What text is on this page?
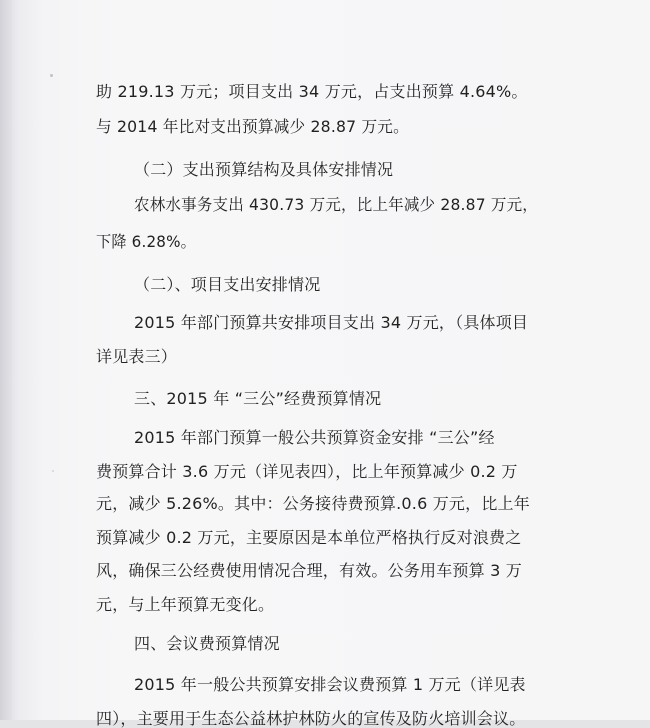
助 219.13 万元；项目支出 34 万元，占支出预算 4.64%。
与 2014 年比对支出预算减少 28.87 万元。
（二）支出预算结构及具体安排情况
农林水事务支出 430.73 万元，比上年减少 28.87 万元，
下降 6.28%。
（二）、项目支出安排情况
2015 年部门预算共安排项目支出 34 万元，（具体项目
详见表三）
三、2015 年 “三公”经费预算情况
2015 年部门预算一般公共预算资金安排 “三公”经
费预算合计 3.6 万元（详见表四），比上年预算减少 0.2 万
元，减少 5.26%。其中：公务接待费预算.0.6 万元，比上年
预算减少 0.2 万元，主要原因是本单位严格执行反对浪费之
风，确保三公经费使用情况合理，有效。公务用车预算 3 万
元，与上年预算无变化。
四、会议费预算情况
2015 年一般公共预算安排会议费预算 1 万元（详见表
四），主要用于生态公益林护林防火的宣传及防火培训会议。
